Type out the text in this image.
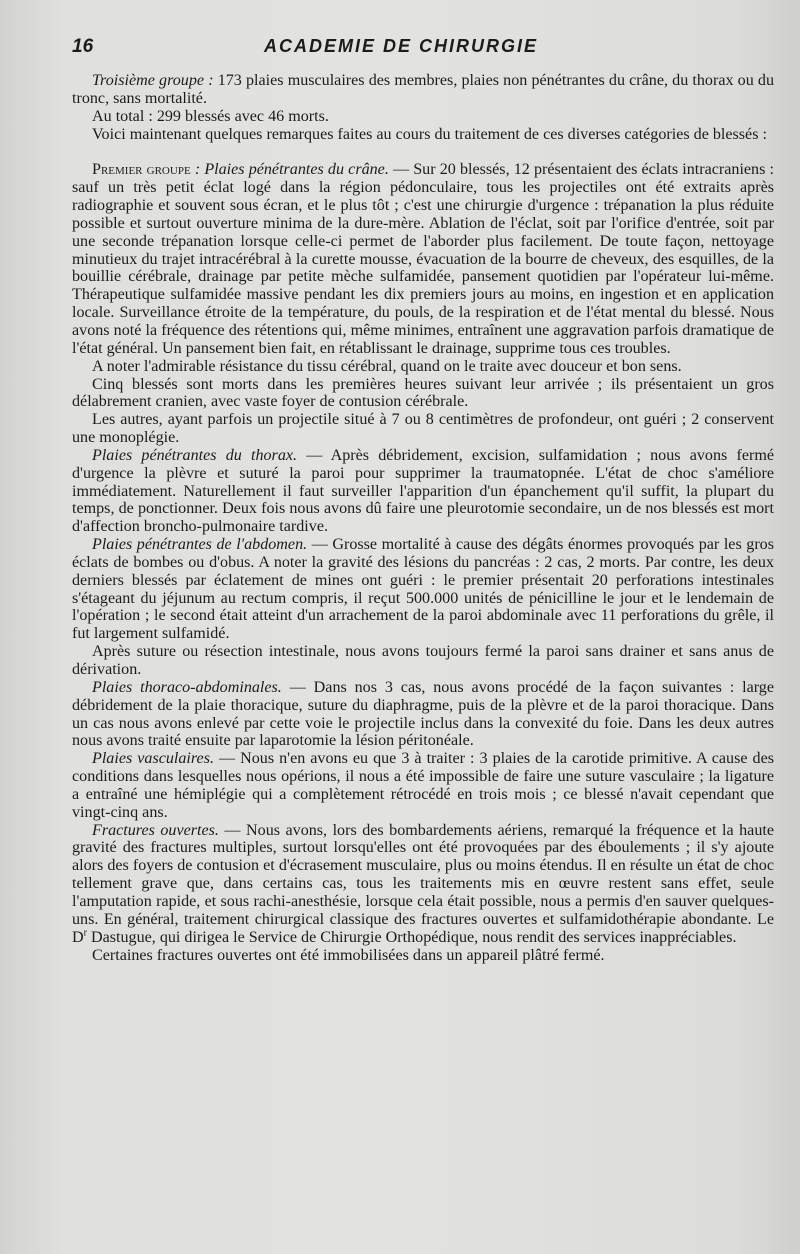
16	ACADEMIE DE CHIRURGIE

Troisième groupe : 173 plaies musculaires des membres, plaies non pénétrantes du crâne, du thorax ou du tronc, sans mortalité.

Au total : 299 blessés avec 46 morts.

Voici maintenant quelques remarques faites au cours du traitement de ces diverses catégories de blessés :

Premier groupe : Plaies pénétrantes du crâne. — Sur 20 blessés, 12 présentaient des éclats intracraniens : sauf un très petit éclat logé dans la région pédonculaire, tous les projectiles ont été extraits après radiographie et souvent sous écran, et le plus tôt ; c'est une chirurgie d'urgence : trépanation la plus réduite possible et surtout ouverture minima de la dure-mère. Ablation de l'éclat, soit par l'orifice d'entrée, soit par une seconde trépanation lorsque celle-ci permet de l'aborder plus facilement. De toute façon, nettoyage minutieux du trajet intracérébral à la curette mousse, évacuation de la bourre de cheveux, des esquilles, de la bouillie cérébrale, drainage par petite mèche sulfamidée, pansement quotidien par l'opérateur lui-même. Thérapeutique sulfamidée massive pendant les dix premiers jours au moins, en ingestion et en application locale. Surveillance étroite de la température, du pouls, de la respiration et de l'état mental du blessé. Nous avons noté la fréquence des rétentions qui, même minimes, entraînent une aggravation parfois dramatique de l'état général. Un pansement bien fait, en rétablissant le drainage, supprime tous ces troubles.

A noter l'admirable résistance du tissu cérébral, quand on le traite avec douceur et bon sens.

Cinq blessés sont morts dans les premières heures suivant leur arrivée ; ils présentaient un gros délabrement cranien, avec vaste foyer de contusion cérébrale.

Les autres, ayant parfois un projectile situé à 7 ou 8 centimètres de profondeur, ont guéri ; 2 conservent une monoplégie.

Plaies pénétrantes du thorax. — Après débridement, excision, sulfamidation ; nous avons fermé d'urgence la plèvre et suturé la paroi pour supprimer la traumatopnée. L'état de choc s'améliore immédiatement. Naturellement il faut surveiller l'apparition d'un épanchement qu'il suffit, la plupart du temps, de ponctionner. Deux fois nous avons dû faire une pleurotomie secondaire, un de nos blessés est mort d'affection broncho-pulmonaire tardive.

Plaies pénétrantes de l'abdomen. — Grosse mortalité à cause des dégâts énormes provoqués par les gros éclats de bombes ou d'obus. A noter la gravité des lésions du pancréas : 2 cas, 2 morts. Par contre, les deux derniers blessés par éclatement de mines ont guéri : le premier présentait 20 perforations intestinales s'étageant du jéjunum au rectum compris, il reçut 500.000 unités de pénicilline le jour et le lendemain de l'opération ; le second était atteint d'un arrachement de la paroi abdominale avec 11 perforations du grêle, il fut largement sulfamidé.

Après suture ou résection intestinale, nous avons toujours fermé la paroi sans drainer et sans anus de dérivation.

Plaies thoraco-abdominales. — Dans nos 3 cas, nous avons procédé de la façon suivantes : large débridement de la plaie thoracique, suture du diaphragme, puis de la plèvre et de la paroi thoracique. Dans un cas nous avons enlevé par cette voie le projectile inclus dans la convexité du foie. Dans les deux autres nous avons traité ensuite par laparotomie la lésion péritonéale.

Plaies vasculaires. — Nous n'en avons eu que 3 à traiter : 3 plaies de la carotide primitive. A cause des conditions dans lesquelles nous opérions, il nous a été impossible de faire une suture vasculaire ; la ligature a entraîné une hémiplégie qui a complètement rétrocédé en trois mois ; ce blessé n'avait cependant que vingt-cinq ans.

Fractures ouvertes. — Nous avons, lors des bombardements aériens, remarqué la fréquence et la haute gravité des fractures multiples, surtout lorsqu'elles ont été provoquées par des éboulements ; il s'y ajoute alors des foyers de contusion et d'écrasement musculaire, plus ou moins étendus. Il en résulte un état de choc tellement grave que, dans certains cas, tous les traitements mis en œuvre restent sans effet, seule l'amputation rapide, et sous rachi-anesthésie, lorsque cela était possible, nous a permis d'en sauver quelques-uns. En général, traitement chirurgical classique des fractures ouvertes et sulfamidothérapie abondante. Le $D^r$ Dastugue, qui dirigea le Service de Chirurgie Orthopédique, nous rendit des services inappréciables.

Certaines fractures ouvertes ont été immobilisées dans un appareil plâtré fermé.
